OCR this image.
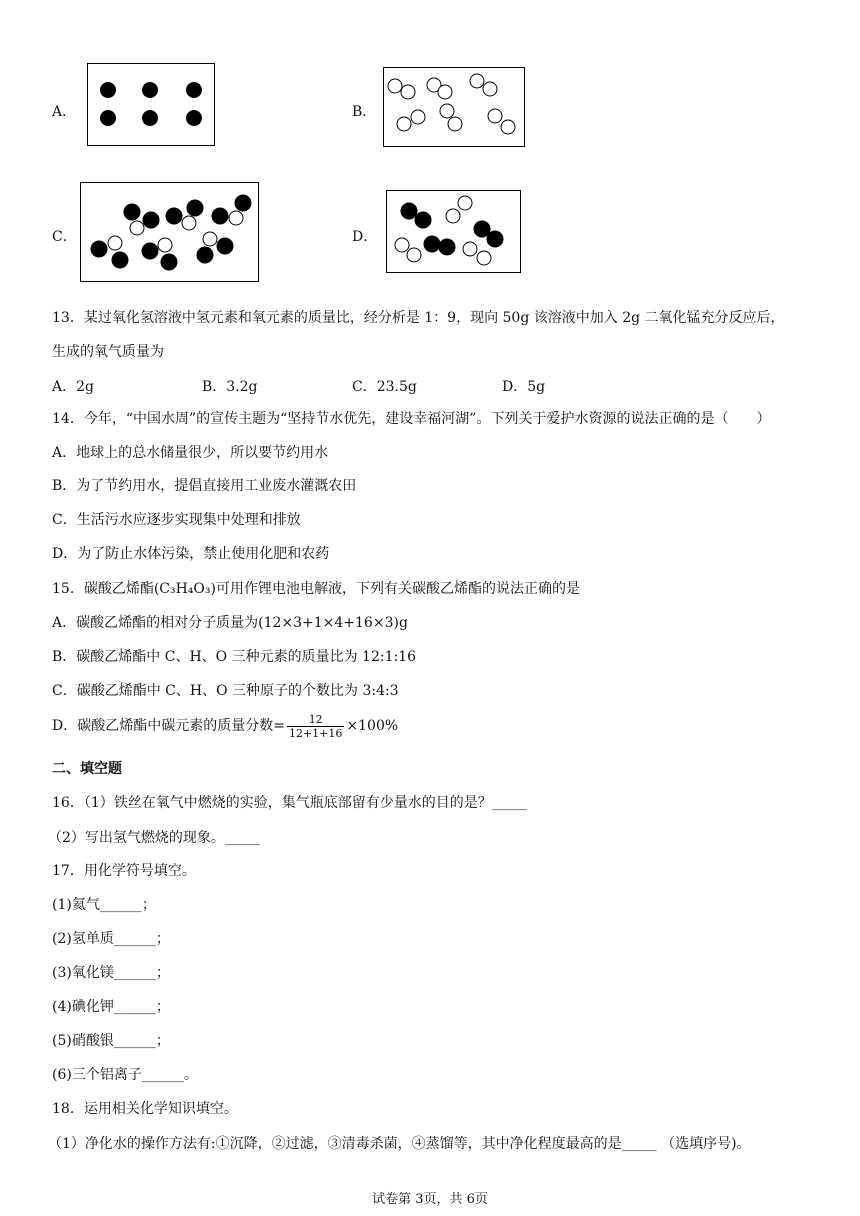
A．	B．
C．	D．
13．某过氧化氢溶液中氢元素和氧元素的质量比，经分析是 1：9，现向 50g 该溶液中加入 2g 二氧化锰充分反应后，
生成的氧气质量为
A．2g	B．3.2g	C．23.5g	D．5g
14．今年，“中国水周”的宣传主题为“坚持节水优先，建设幸福河湖”。下列关于爱护水资源的说法正确的是（　　）
A．地球上的总水储量很少，所以要节约用水
B．为了节约用水，提倡直接用工业废水灌溉农田
C．生活污水应逐步实现集中处理和排放
D．为了防止水体污染，禁止使用化肥和农药
15．碳酸乙烯酯(C₃H₄O₃)可用作锂电池电解液，下列有关碳酸乙烯酯的说法正确的是
A．碳酸乙烯酯的相对分子质量为(12×3+1×4+16×3)g
B．碳酸乙烯酯中 C、H、O 三种元素的质量比为 12:1:16
C．碳酸乙烯酯中 C、H、O 三种原子的个数比为 3:4:3
D．碳酸乙烯酯中碳元素的质量分数= $\frac{12}{12+1+16} \times 100\%$
二、填空题
16．（1）铁丝在氧气中燃烧的实验，集气瓶底部留有少量水的目的是？_____
（2）写出氢气燃烧的现象。_____
17．用化学符号填空。
(1)氦气______；
(2)氢单质______；
(3)氧化镁______；
(4)碘化钾______；
(5)硝酸银______；
(6)三个铝离子______。
18．运用相关化学知识填空。
（1）净化水的操作方法有:①沉降，②过滤，③清毒杀菌，④蒸馏等，其中净化程度最高的是_____ （选填序号)。
试卷第 3页，共 6页
